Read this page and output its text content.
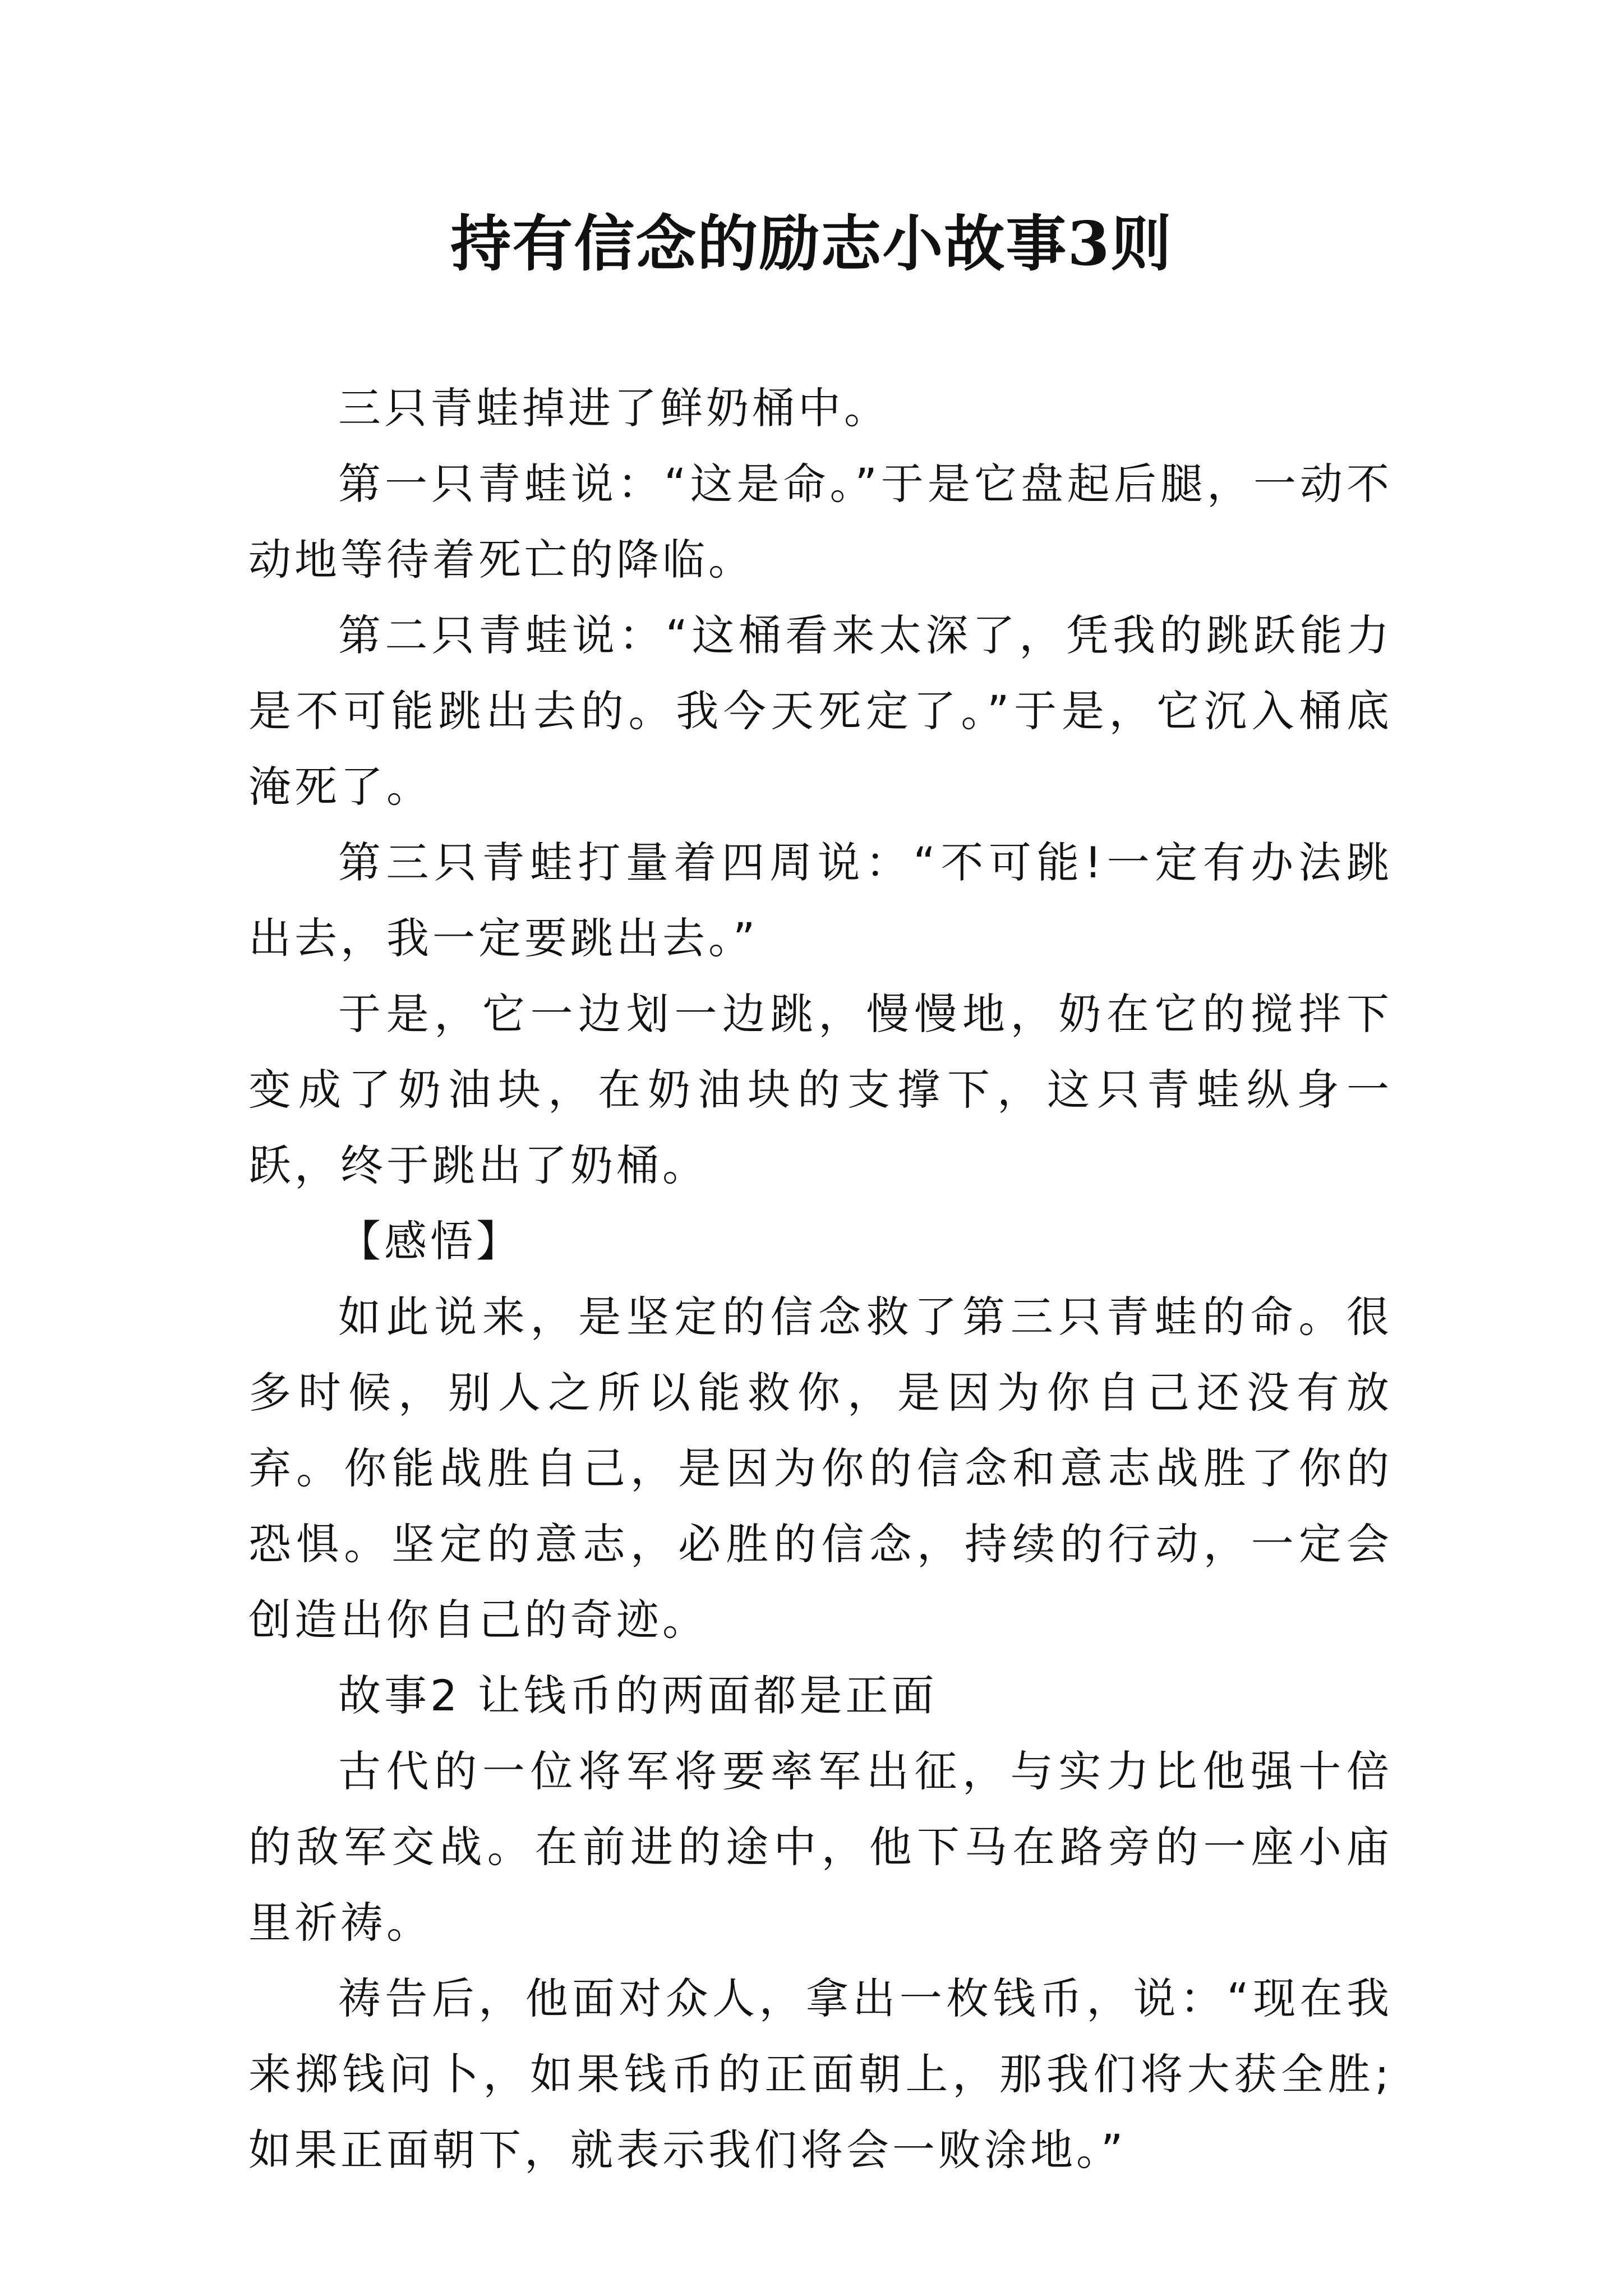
持有信念的励志小故事3则

三只青蛙掉进了鲜奶桶中。

第一只青蛙说：“这是命。”于是它盘起后腿，一动不动地等待着死亡的降临。

第二只青蛙说：“这桶看来太深了，凭我的跳跃能力是不可能跳出去的。我今天死定了。”于是，它沉入桶底淹死了。

第三只青蛙打量着四周说：“不可能!一定有办法跳出去，我一定要跳出去。”

于是，它一边划一边跳，慢慢地，奶在它的搅拌下变成了奶油块，在奶油块的支撑下，这只青蛙纵身一跃，终于跳出了奶桶。

【感悟】

如此说来，是坚定的信念救了第三只青蛙的命。很多时候，别人之所以能救你，是因为你自己还没有放弃。你能战胜自己，是因为你的信念和意志战胜了你的恐惧。坚定的意志，必胜的信念，持续的行动，一定会创造出你自己的奇迹。

故事2 让钱币的两面都是正面

古代的一位将军将要率军出征，与实力比他强十倍的敌军交战。在前进的途中，他下马在路旁的一座小庙里祈祷。

祷告后，他面对众人，拿出一枚钱币，说：“现在我来掷钱问卜，如果钱币的正面朝上，那我们将大获全胜;如果正面朝下，就表示我们将会一败涂地。”
